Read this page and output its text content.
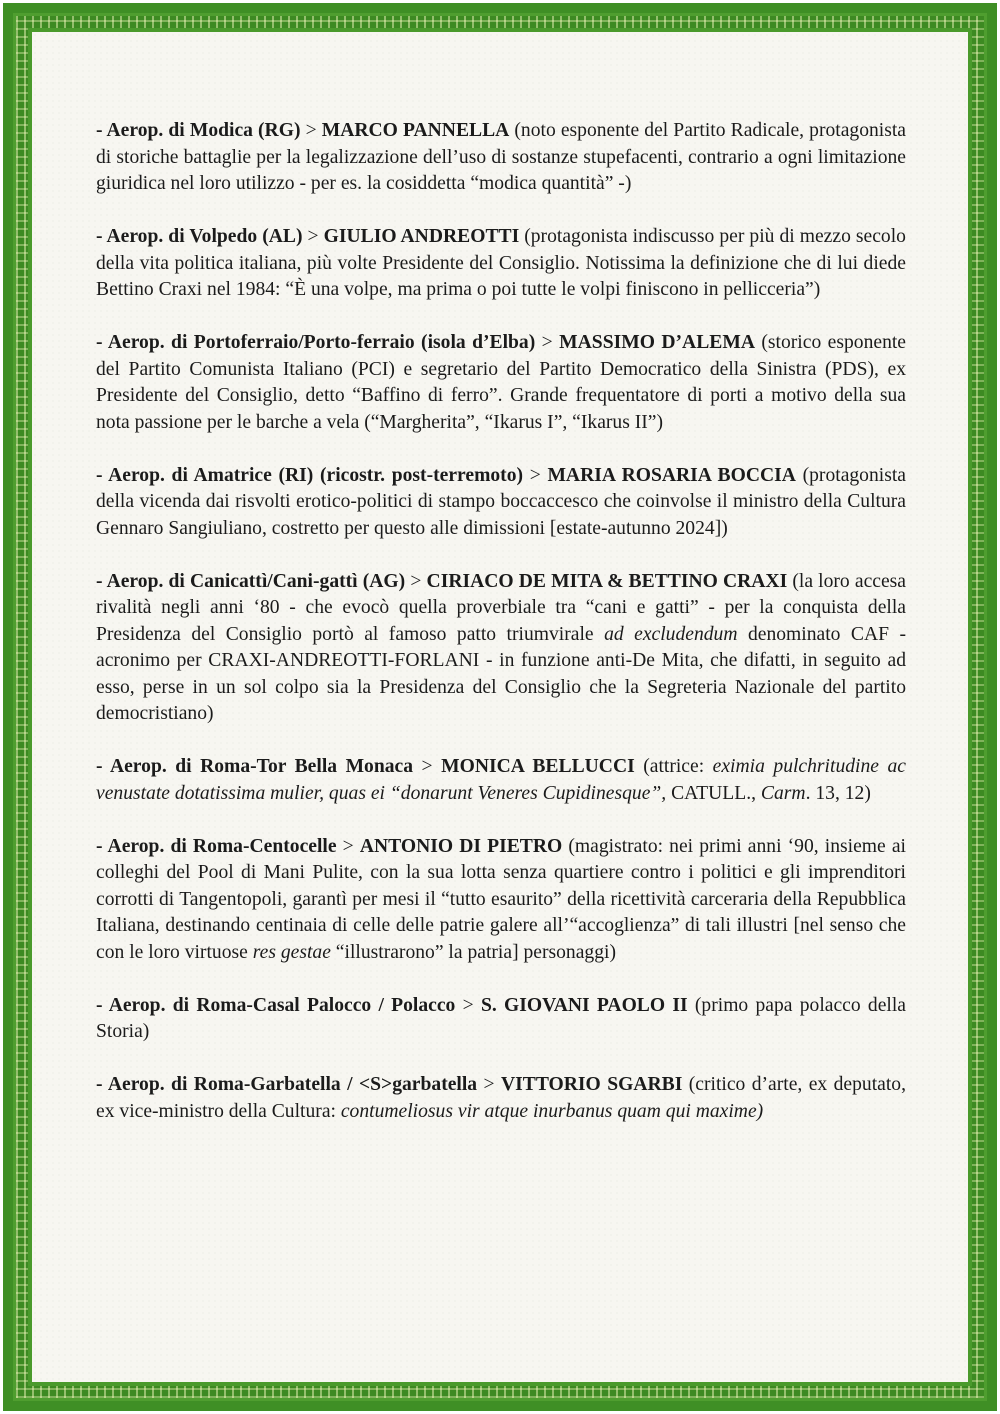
- Aerop. di Modica (RG) > MARCO PANNELLA (noto esponente del Partito Radicale, protagonista di storiche battaglie per la legalizzazione dell’uso di sostanze stupefacenti, contrario a ogni limitazione giuridica nel loro utilizzo - per es. la cosiddetta “modica quantità” -)

- Aerop. di Volpedo (AL) > GIULIO ANDREOTTI (protagonista indiscusso per più di mezzo secolo della vita politica italiana, più volte Presidente del Consiglio. Notissima la definizione che di lui diede Bettino Craxi nel 1984: “È una volpe, ma prima o poi tutte le volpi finiscono in pellicceria”)

- Aerop. di Portoferraio/Porto-ferraio (isola d’Elba) > MASSIMO D’ALEMA (storico esponente del Partito Comunista Italiano (PCI) e segretario del Partito Democratico della Sinistra (PDS), ex Presidente del Consiglio, detto “Baffino di ferro”. Grande frequentatore di porti a motivo della sua nota passione per le barche a vela (“Margherita”, “Ikarus I”, “Ikarus II”)

- Aerop. di Amatrice (RI) (ricostr. post-terremoto) > MARIA ROSARIA BOCCIA (protagonista della vicenda dai risvolti erotico-politici di stampo boccaccesco che coinvolse il ministro della Cultura Gennaro Sangiuliano, costretto per questo alle dimissioni [estate-autunno 2024])

- Aerop. di Canicattì/Cani-gattì (AG) > CIRIACO DE MITA & BETTINO CRAXI (la loro accesa rivalità negli anni ‘80 - che evocò quella proverbiale tra “cani e gatti” - per la conquista della Presidenza del Consiglio portò al famoso patto triumvirale ad excludendum denominato CAF - acronimo per CRAXI-ANDREOTTI-FORLANI - in funzione anti-De Mita, che difatti, in seguito ad esso, perse in un sol colpo sia la Presidenza del Consiglio che la Segreteria Nazionale del partito democristiano)

- Aerop. di Roma-Tor Bella Monaca > MONICA BELLUCCI (attrice: eximia pulchritudine ac venustate dotatissima mulier, quas ei “donarunt Veneres Cupidinesque”, CATULL., Carm. 13, 12)

- Aerop. di Roma-Centocelle > ANTONIO DI PIETRO (magistrato: nei primi anni ‘90, insieme ai colleghi del Pool di Mani Pulite, con la sua lotta senza quartiere contro i politici e gli imprenditori corrotti di Tangentopoli, garantì per mesi il “tutto esaurito” della ricettività carceraria della Repubblica Italiana, destinando centinaia di celle delle patrie galere all’“accoglienza” di tali illustri [nel senso che con le loro virtuose res gestae “illustrarono” la patria] personaggi)

- Aerop. di Roma-Casal Palocco / Polacco > S. GIOVANI PAOLO II (primo papa polacco della Storia)

- Aerop. di Roma-Garbatella / <S>garbatella > VITTORIO SGARBI (critico d’arte, ex deputato, ex vice-ministro della Cultura: contumeliosus vir atque inurbanus quam qui maxime)
